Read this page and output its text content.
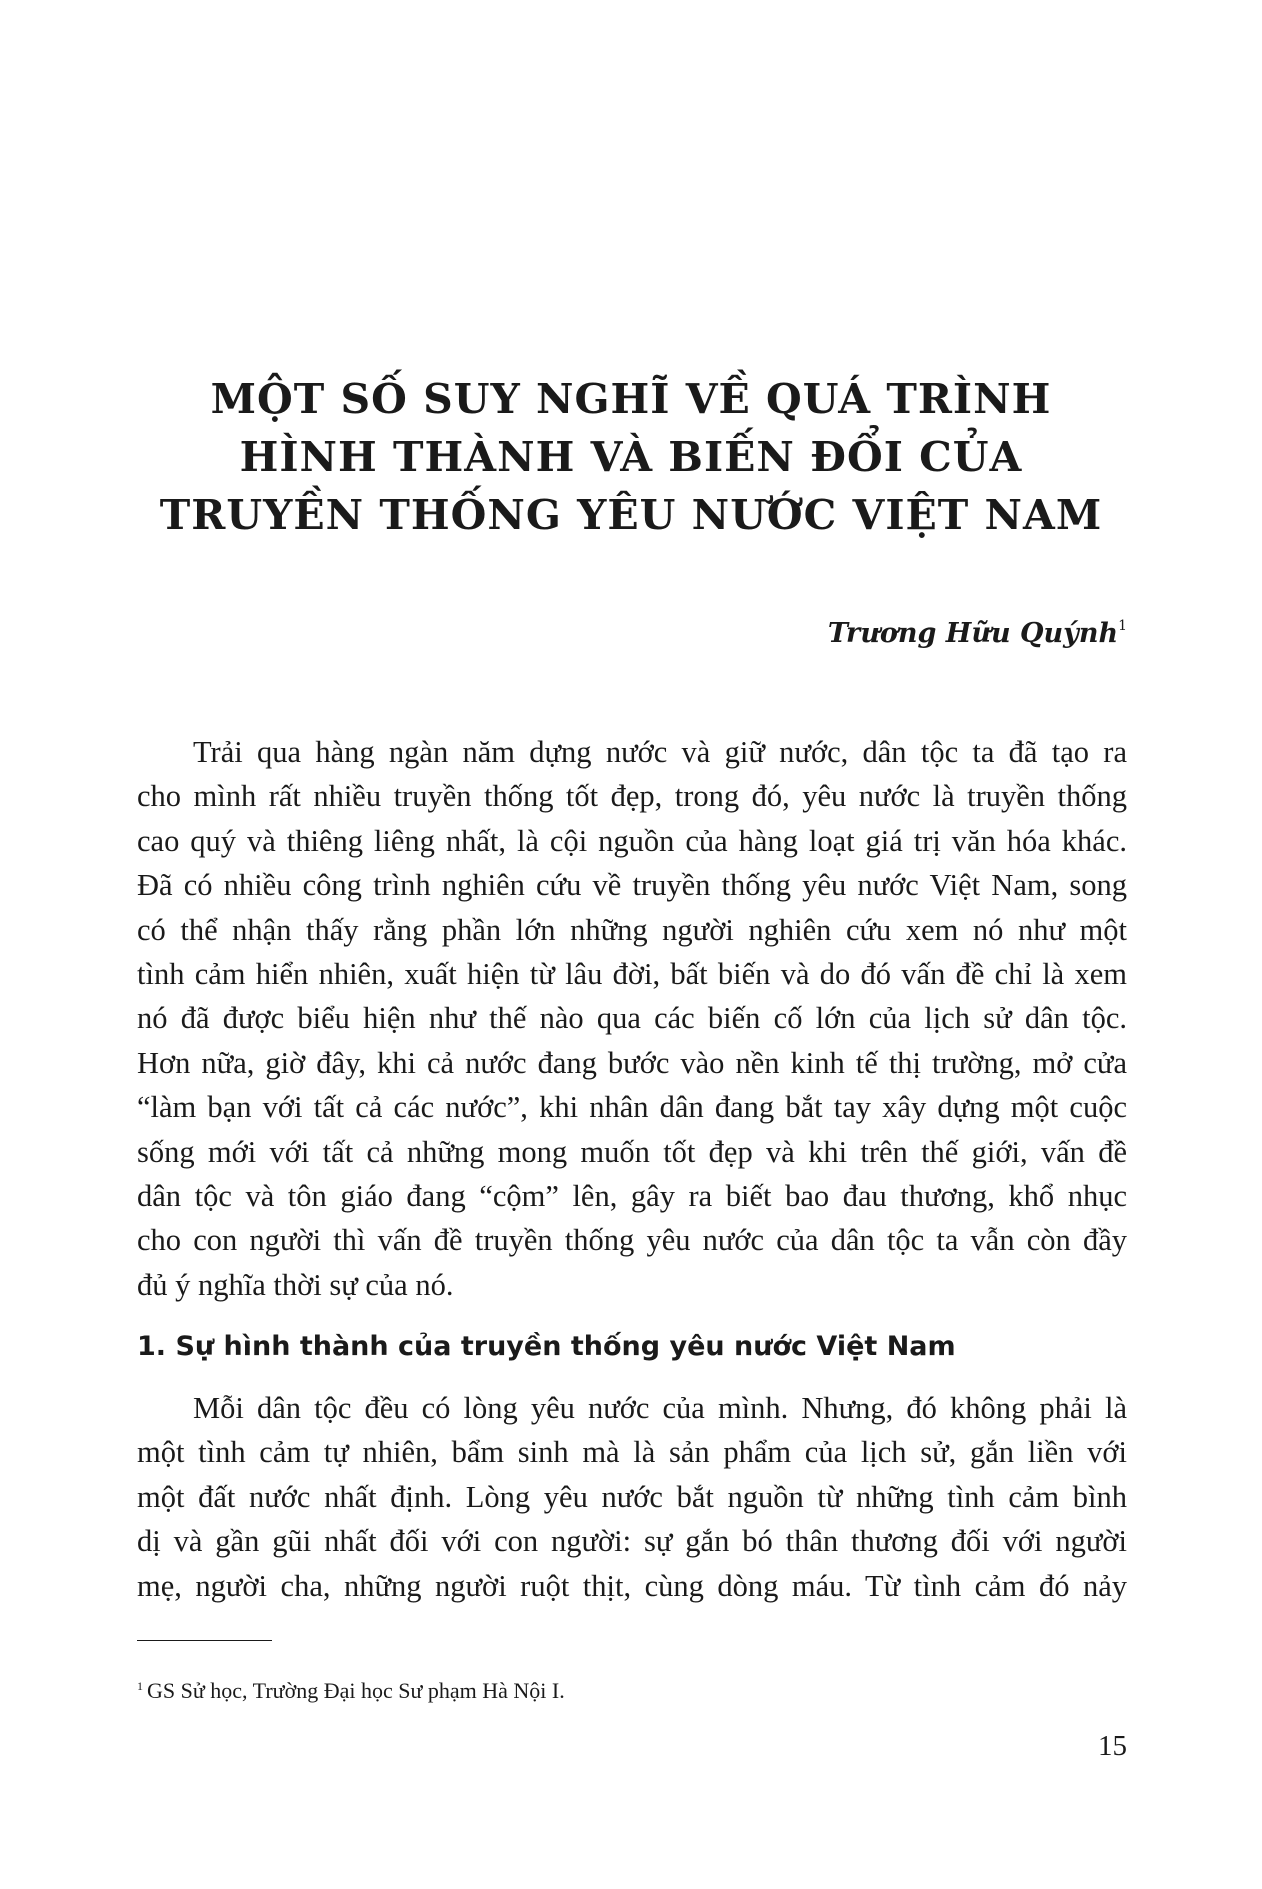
MỘT SỐ SUY NGHĨ VỀ QUÁ TRÌNH
HÌNH THÀNH VÀ BIẾN ĐỔI CỦA
TRUYỀN THỐNG YÊU NƯỚC VIỆT NAM
Trương Hữu Quýnh$^1$
Trải qua hàng ngàn năm dựng nước và giữ nước, dân tộc ta đã tạo ra
cho mình rất nhiều truyền thống tốt đẹp, trong đó, yêu nước là truyền thống
cao quý và thiêng liêng nhất, là cội nguồn của hàng loạt giá trị văn hóa khác.
Đã có nhiều công trình nghiên cứu về truyền thống yêu nước Việt Nam, song
có thể nhận thấy rằng phần lớn những người nghiên cứu xem nó như một
tình cảm hiển nhiên, xuất hiện từ lâu đời, bất biến và do đó vấn đề chỉ là xem
nó đã được biểu hiện như thế nào qua các biến cố lớn của lịch sử dân tộc.
Hơn nữa, giờ đây, khi cả nước đang bước vào nền kinh tế thị trường, mở cửa
“làm bạn với tất cả các nước”, khi nhân dân đang bắt tay xây dựng một cuộc
sống mới với tất cả những mong muốn tốt đẹp và khi trên thế giới, vấn đề
dân tộc và tôn giáo đang “cộm” lên, gây ra biết bao đau thương, khổ nhục
cho con người thì vấn đề truyền thống yêu nước của dân tộc ta vẫn còn đầy
đủ ý nghĩa thời sự của nó.
1. Sự hình thành của truyền thống yêu nước Việt Nam
Mỗi dân tộc đều có lòng yêu nước của mình. Nhưng, đó không phải là
một tình cảm tự nhiên, bẩm sinh mà là sản phẩm của lịch sử, gắn liền với
một đất nước nhất định. Lòng yêu nước bắt nguồn từ những tình cảm bình
dị và gần gũi nhất đối với con người: sự gắn bó thân thương đối với người
mẹ, người cha, những người ruột thịt, cùng dòng máu. Từ tình cảm đó nảy
$^1$ GS Sử học, Trường Đại học Sư phạm Hà Nội I.
15
